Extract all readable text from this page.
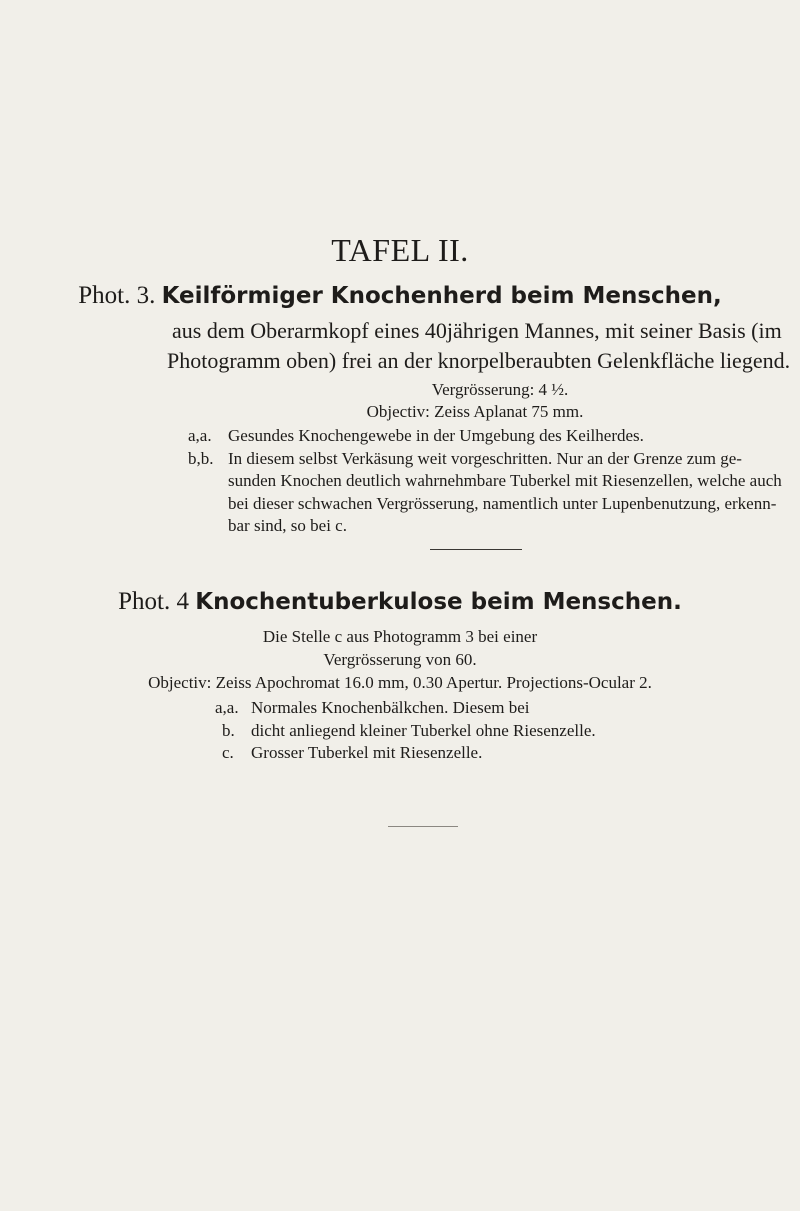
TAFEL II.
Phot. 3. Keilförmiger Knochenherd beim Menschen,
aus dem Oberarmkopf eines 40jährigen Mannes, mit seiner Basis (im
Photogramm oben) frei an der knorpelberaubten Gelenkfläche liegend.
Vergrösserung: 4 ½.
Objectiv: Zeiss Aplanat 75 mm.
a,a. Gesundes Knochengewebe in der Umgebung des Keilherdes.
b,b. In diesem selbst Verkäsung weit vorgeschritten. Nur an der Grenze zum ge-
sunden Knochen deutlich wahrnehmbare Tuberkel mit Riesenzellen, welche auch
bei dieser schwachen Vergrösserung, namentlich unter Lupenbenutzung, erkenn-
bar sind, so bei c.
Phot. 4 Knochentuberkulose beim Menschen.
Die Stelle c aus Photogramm 3 bei einer
Vergrösserung von 60.
Objectiv: Zeiss Apochromat 16.0 mm, 0.30 Apertur. Projections-Ocular 2.
a,a. Normales Knochenbälkchen. Diesem bei
b. dicht anliegend kleiner Tuberkel ohne Riesenzelle.
c.	Grosser Tuberkel mit Riesenzelle.
